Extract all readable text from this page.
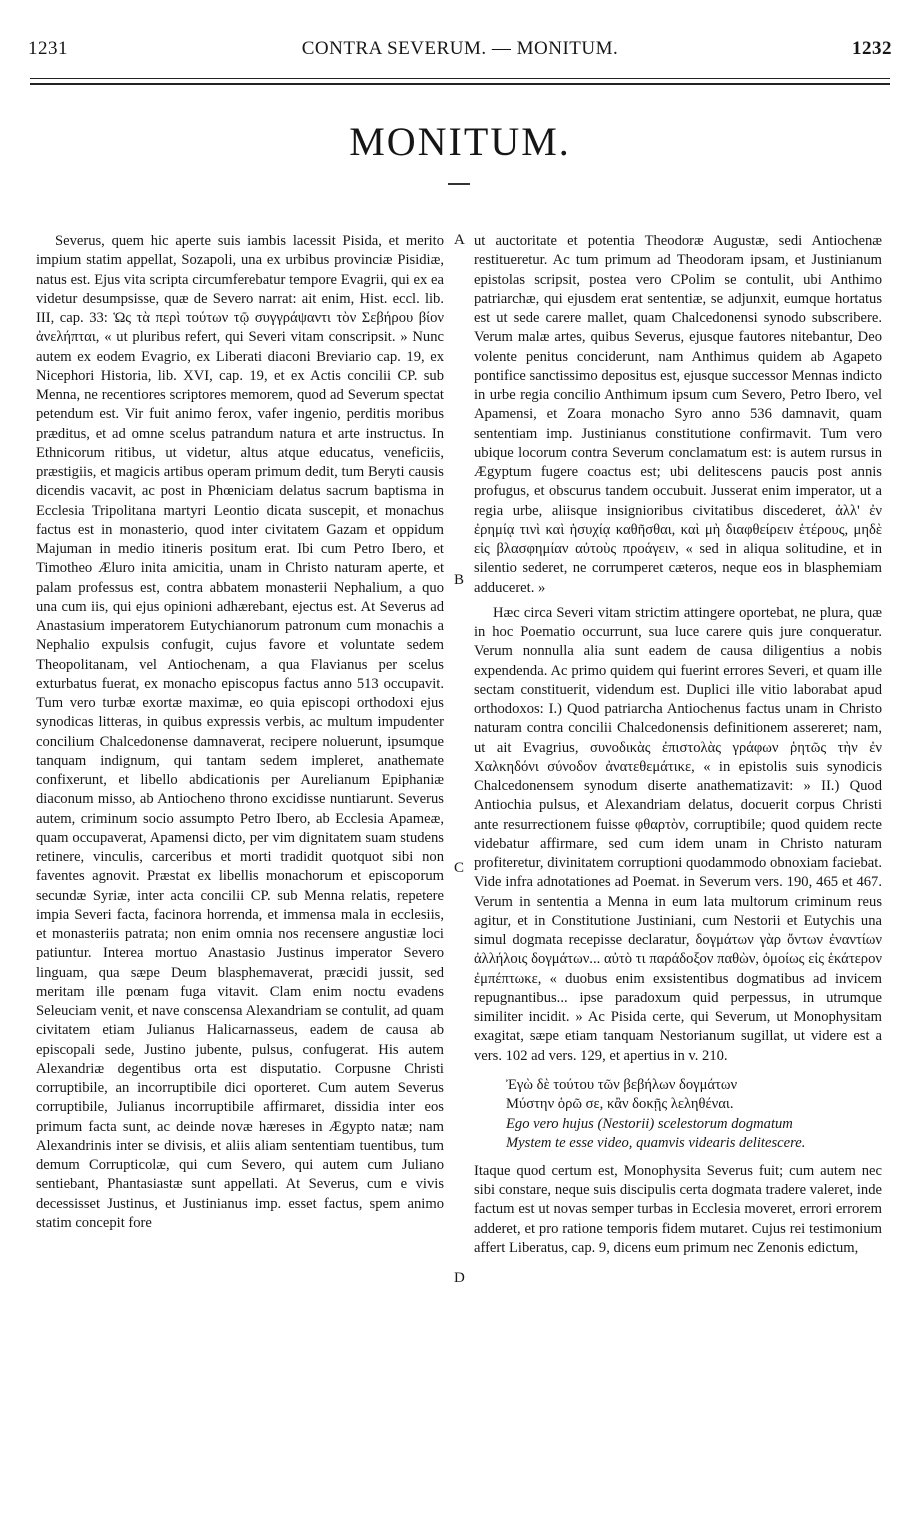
1231	CONTRA SEVERUM. — MONITUM.	1232
MONITUM.

Severus, quem hic aperte suis iambis lacessit Pisida, et merito impium statim appellat, Sozapoli, una ex urbibus provinciæ Pisidiæ, natus est. Ejus vita scripta circumferebatur tempore Evagrii, qui ex ea videtur desumpsisse, quæ de Severo narrat: ait enim, Hist. eccl. lib. III, cap. 33: Ὡς τὰ περὶ τούτων τῷ συγγράψαντι τὸν Σεβήρου βίον ἀνελήπται, « ut pluribus refert, qui Severi vitam conscripsit. » Nunc autem ex eodem Evagrio, ex Liberati diaconi Breviario cap. 19, ex Nicephori Historia, lib. XVI, cap. 19, et ex Actis concilii CP. sub Menna, ne recentiores scriptores memorem, quod ad Severum spectat petendum est. Vir fuit animo ferox, vafer ingenio, perditis moribus præditus, et ad omne scelus patrandum natura et arte instructus. In Ethnicorum ritibus, ut videtur, altus atque educatus, veneficiis, præstigiis, et magicis artibus operam primum dedit, tum Beryti causis dicendis vacavit, ac post in Phœniciam delatus sacrum baptisma in Ecclesia Tripolitana martyri Leontio dicata suscepit, et monachus factus est in monasterio, quod inter civitatem Gazam et oppidum Majuman in medio itineris positum erat. Ibi cum Petro Ibero, et Timotheo Æluro inita amicitia, unam in Christo naturam aperte, et palam professus est, contra abbatem monasterii Nephalium, a quo una cum iis, qui ejus opinioni adhærebant, ejectus est. At Severus ad Anastasium imperatorem Eutychianorum patronum cum monachis a Nephalio expulsis confugit, cujus favore et voluntate sedem Theopolitanam, vel Antiochenam, a qua Flavianus per scelus exturbatus fuerat, ex monacho episcopus factus anno 513 occupavit. Tum vero turbæ exortæ maximæ, eo quia episcopi orthodoxi ejus synodicas litteras, in quibus expressis verbis, ac multum impudenter concilium Chalcedonense damnaverat, recipere noluerunt, ipsumque tanquam indignum, qui tantam sedem impleret, anathemate confixerunt, et libello abdicationis per Aurelianum Epiphaniæ diaconum misso, ab Antiocheno throno excidisse nuntiarunt. Severus autem, criminum socio assumpto Petro Ibero, ab Ecclesia Apameæ, quam occupaverat, Apamensi dicto, per vim dignitatem suam studens retinere, vinculis, carceribus et morti tradidit quotquot sibi non faventes agnovit. Præstat ex libellis monachorum et episcoporum secundæ Syriæ, inter acta concilii CP. sub Menna relatis, repetere impia Severi facta, facinora horrenda, et immensa mala in ecclesiis, et monasteriis patrata; non enim omnia nos recensere angustiæ loci patiuntur. Interea mortuo Anastasio Justinus imperator Severo linguam, qua sæpe Deum blasphemaverat, præcidi jussit, sed meritam ille pœnam fuga vitavit. Clam enim noctu evadens Seleuciam venit, et nave conscensa Alexandriam se contulit, ad quam civitatem etiam Julianus Halicarnasseus, eadem de causa ab episcopali sede, Justino jubente, pulsus, confugerat. His autem Alexandriæ degentibus orta est disputatio. Corpusne Christi corruptibile, an incorruptibile dici oporteret. Cum autem Severus corruptibile, Julianus incorruptibile affirmaret, dissidia inter eos primum facta sunt, ac deinde novæ hæreses in Ægypto natæ; nam Alexandrinis inter se divisis, et aliis aliam sententiam tuentibus, tum demum Corrupticolæ, qui cum Severo, qui autem cum Juliano sentiebant, Phantasiastæ sunt appellati. At Severus, cum e vivis decessisset Justinus, et Justinianus imp. esset factus, spem animo statim concepit fore

A
B
C
D

ut auctoritate et potentia Theodoræ Augustæ, sedi Antiochenæ restitueretur. Ac tum primum ad Theodoram ipsam, et Justinianum epistolas scripsit, postea vero CPolim se contulit, ubi Anthimo patriarchæ, qui ejusdem erat sententiæ, se adjunxit, eumque hortatus est ut sede carere mallet, quam Chalcedonensi synodo subscribere. Verum malæ artes, quibus Severus, ejusque fautores nitebantur, Deo volente penitus conciderunt, nam Anthimus quidem ab Agapeto pontifice sanctissimo depositus est, ejusque successor Mennas indicto in urbe regia concilio Anthimum ipsum cum Severo, Petro Ibero, vel Apamensi, et Zoara monacho Syro anno 536 damnavit, quam sententiam imp. Justinianus constitutione confirmavit. Tum vero ubique locorum contra Severum conclamatum est: is autem rursus in Ægyptum fugere coactus est; ubi delitescens paucis post annis profugus, et obscurus tandem occubuit. Jusserat enim imperator, ut a regia urbe, aliisque insignioribus civitatibus discederet, ἀλλ' ἐν ἐρημίᾳ τινὶ καὶ ἡσυχίᾳ καθῆσθαι, καὶ μὴ διαφθείρειν ἑτέρους, μηδὲ εἰς βλασφημίαν αὐτοὺς προάγειν, « sed in aliqua solitudine, et in silentio sederet, ne corrumperet cæteros, neque eos in blasphemiam adduceret. »

Hæc circa Severi vitam strictim attingere oportebat, ne plura, quæ in hoc Poematio occurrunt, sua luce carere quis jure conqueratur. Verum nonnulla alia sunt eadem de causa diligentius a nobis expendenda. Ac primo quidem qui fuerint errores Severi, et quam ille sectam constituerit, videndum est. Duplici ille vitio laborabat apud orthodoxos: I.) Quod patriarcha Antiochenus factus unam in Christo naturam contra concilii Chalcedonensis definitionem assereret; nam, ut ait Evagrius, συνοδικὰς ἐπιστολὰς γράφων ῥητῶς τὴν ἐν Χαλκηδόνι σύνοδον ἀνατεθεμάτικε, « in epistolis suis synodicis Chalcedonensem synodum diserte anathematizavit: » II.) Quod Antiochia pulsus, et Alexandriam delatus, docuerit corpus Christi ante resurrectionem fuisse φθαρτὸν, corruptibile; quod quidem recte videbatur affirmare, sed cum idem unam in Christo naturam profiteretur, divinitatem corruptioni quodammodo obnoxiam faciebat. Vide infra adnotationes ad Poemat. in Severum vers. 190, 465 et 467. Verum in sententia a Menna in eum lata multorum criminum reus agitur, et in Constitutione Justiniani, cum Nestorii et Eutychis una simul dogmata recepisse declaratur, δογμάτων γὰρ ὄντων ἐναντίων ἀλλήλοις δογμάτων... αὐτὸ τι παράδοξον παθὼν, ὁμοίως εἰς ἑκάτερον ἐμπέπτωκε, « duobus enim exsistentibus dogmatibus ad invicem repugnantibus... ipse paradoxum quid perpessus, in utrumque similiter incidit. » Ac Pisida certe, qui Severum, ut Monophysitam exagitat, sæpe etiam tanquam Nestorianum sugillat, ut videre est a vers. 102 ad vers. 129, et apertius in v. 210.

Ἐγὼ δὲ τούτου τῶν βεβήλων δογμάτων
Μύστην ὁρῶ σε, κἂν δοκῇς λεληθέναι.
Ego vero hujus (Nestorii) scelestorum dogmatum
Mystem te esse video, quamvis videaris delitescere.

Itaque quod certum est, Monophysita Severus fuit; cum autem nec sibi constare, neque suis discipulis certa dogmata tradere valeret, inde factum est ut novas semper turbas in Ecclesia moveret, errori errorem adderet, et pro ratione temporis fidem mutaret. Cujus rei testimonium affert Liberatus, cap. 9, dicens eum primum nec Zenonis edictum,
